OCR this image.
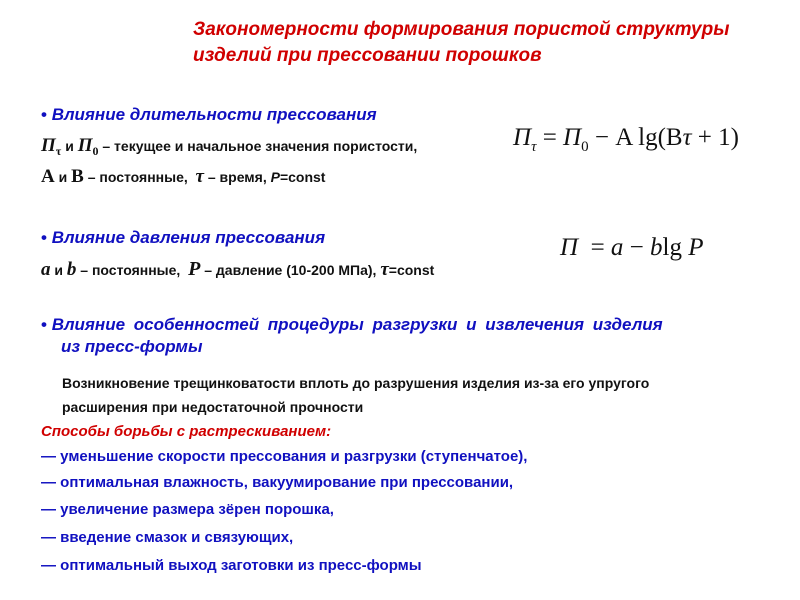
Закономерности формирования пористой структуры
изделий при прессовании порошков
• Влияние длительности прессования
$П_\tau$ и $П_0$ – текущее и начальное значения пористости,
А и В – постоянные,  τ – время, P=const
$П_\tau = П_0 - A$ lg(Bτ + 1)
• Влияние давления прессования
a и b – постоянные,  P – давление (10-200 МПа), τ=const
П  = a − blg P
• Влияние особенностей процедуры разгрузки и извлечения изделия
из пресс-формы
Возникновение трещинковатости вплоть до разрушения изделия из-за его упругого
расширения при недостаточной прочности
Способы борьбы с растрескиванием:
— уменьшение скорости прессования и разгрузки (ступенчатое),
— оптимальная влажность, вакуумирование при прессовании,
— увеличение размера зёрен порошка,
— введение смазок и связующих,
— оптимальный выход заготовки из пресс-формы
